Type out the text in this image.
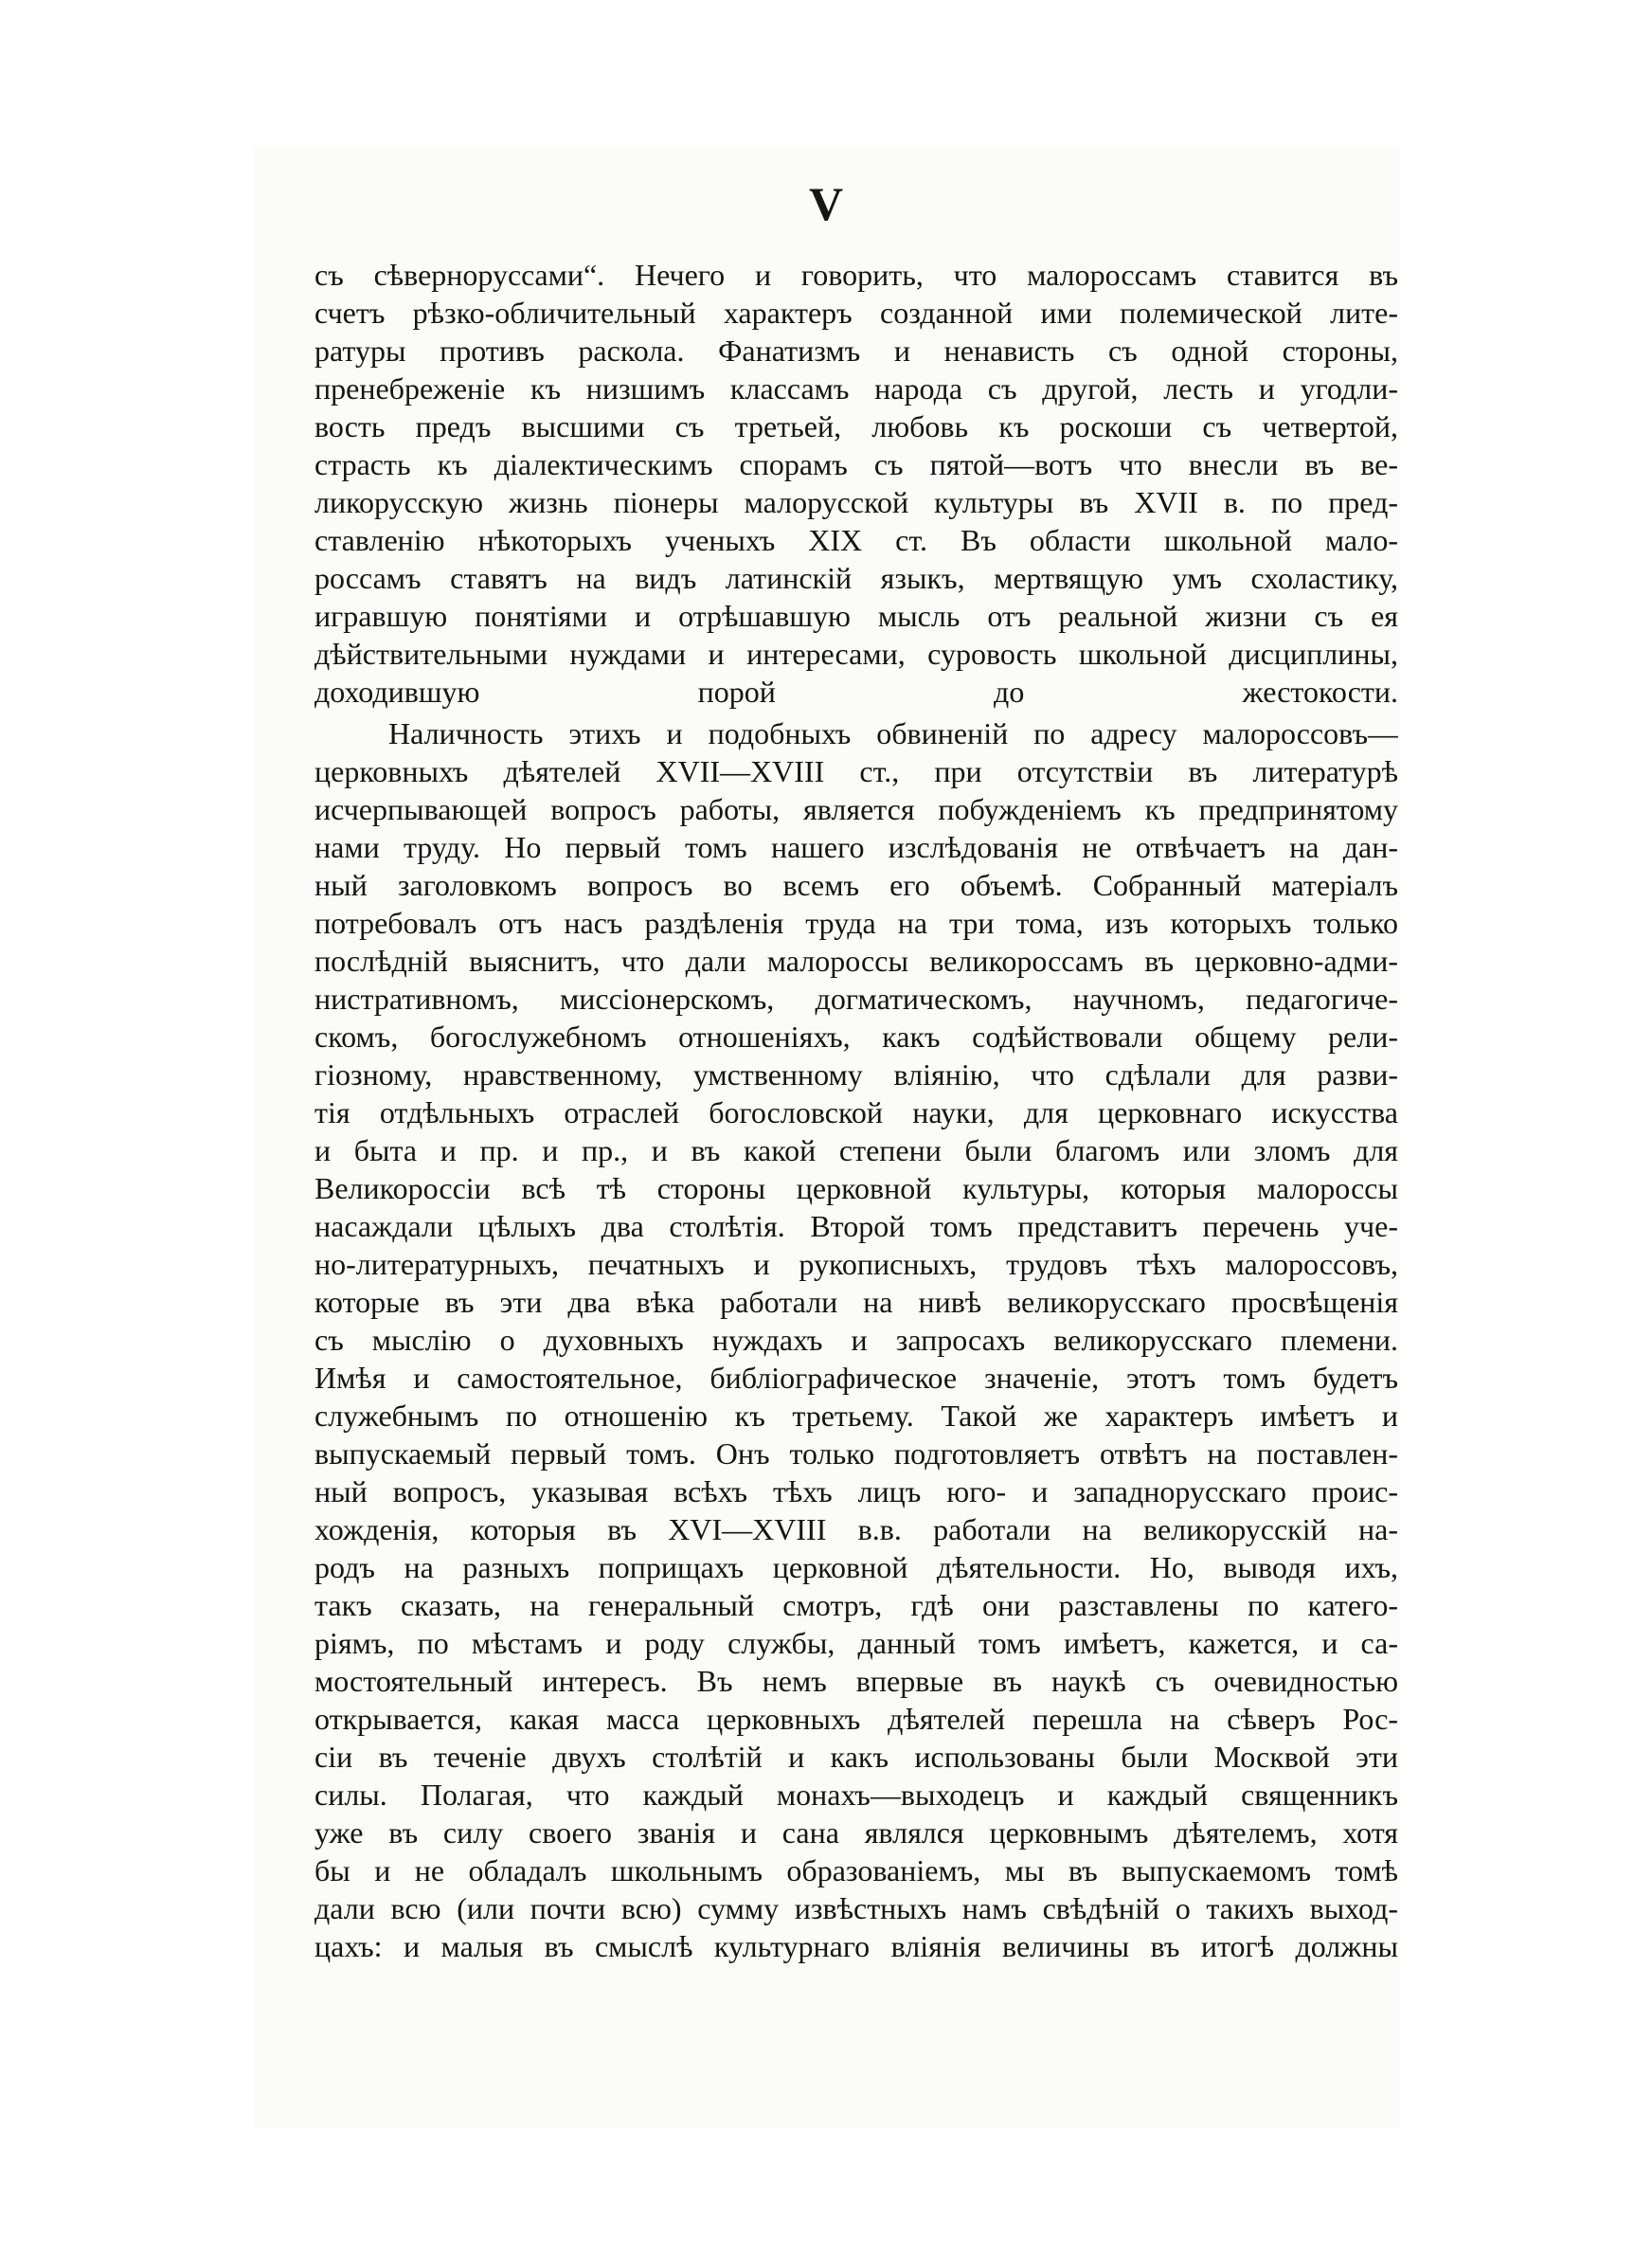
V
съ сѣвернорусcами“. Нечего и говорить, что малороссамъ ставится въ
счетъ рѣзко-обличительный характеръ созданной ими полемической лите-
ратуры противъ раскола. Фанатизмъ и ненависть съ одной стороны,
пренебреженіе къ низшимъ классамъ народа съ другой, лесть и угодли-
вость предъ высшими съ третьей, любовь къ роскоши съ четвертой,
страсть къ діалектическимъ спорамъ съ пятой—вотъ что внесли въ ве-
ликорусскую жизнь піонеры малорусской культуры въ XVII в. по пред-
ставленію нѣкоторыхъ ученыхъ XIX ст. Въ области школьной мало-
россамъ ставятъ на видъ латинскій языкъ, мертвящую умъ схоластику,
игравшую понятіями и отрѣшавшую мысль отъ реальной жизни съ ея
дѣйствительными нуждами и интересами, суровость школьной дисциплины,
доходившую порой до жестокости.
Наличность этихъ и подобныхъ обвиненій по адресу малороссовъ—
церковныхъ дѣятелей XVII—XVIII ст., при отсутствіи въ литературѣ
исчерпывающей вопросъ работы, является побужденіемъ къ предпринятому
нами труду. Но первый томъ нашего изслѣдованія не отвѣчаетъ на дан-
ный заголовкомъ вопросъ во всемъ его объемѣ. Собранный матеріалъ
потребовалъ отъ насъ раздѣленія труда на три тома, изъ которыхъ только
послѣдній выяснитъ, что дали малороссы великороссамъ въ церковно-адми-
нистративномъ, миссіонерскомъ, догматическомъ, научномъ, педагогиче-
скомъ, богослужебномъ отношеніяхъ, какъ содѣйствовали общему рели-
гіозному, нравственному, умственному вліянію, что сдѣлали для разви-
тія отдѣльныхъ отраслей богословской науки, для церковнаго искусства
и быта и пр. и пр., и въ какой степени были благомъ или зломъ для
Великороссіи всѣ тѣ стороны церковной культуры, которыя малороссы
насаждали цѣлыхъ два столѣтія. Второй томъ представитъ перечень уче-
но-литературныхъ, печатныхъ и рукописныхъ, трудовъ тѣхъ малороссовъ,
которые въ эти два вѣка работали на нивѣ великорусскаго просвѣщенія
съ мыслію о духовныхъ нуждахъ и запросахъ великорусскаго племени.
Имѣя и самостоятельное, библіографическое значеніе, этотъ томъ будетъ
служебнымъ по отношенію къ третьему. Такой же характеръ имѣетъ и
выпускаемый первый томъ. Онъ только подготовляетъ отвѣтъ на поставлен-
ный вопросъ, указывая всѣхъ тѣхъ лицъ юго- и западнорусскаго проис-
хожденія, которыя въ XVI—XVIII в.в. работали на великорусскій на-
родъ на разныхъ поприщахъ церковной дѣятельности. Но, выводя ихъ,
такъ сказать, на генеральный смотръ, гдѣ они разставлены по катего-
ріямъ, по мѣстамъ и роду службы, данный томъ имѣетъ, кажется, и са-
мостоятельный интересъ. Въ немъ впервые въ наукѣ съ очевидностью
открывается, какая масса церковныхъ дѣятелей перешла на сѣверъ Рос-
сіи въ теченіе двухъ столѣтій и какъ использованы были Москвой эти
силы. Полагая, что каждый монахъ—выходецъ и каждый священникъ
уже въ силу своего званія и сана являлся церковнымъ дѣятелемъ, хотя
бы и не обладалъ школьнымъ образованіемъ, мы въ выпускаемомъ томѣ
дали всю (или почти всю) сумму извѣстныхъ намъ свѣдѣній о такихъ выход-
цахъ: и малыя въ смыслѣ культурнаго вліянія величины въ итогѣ должны
